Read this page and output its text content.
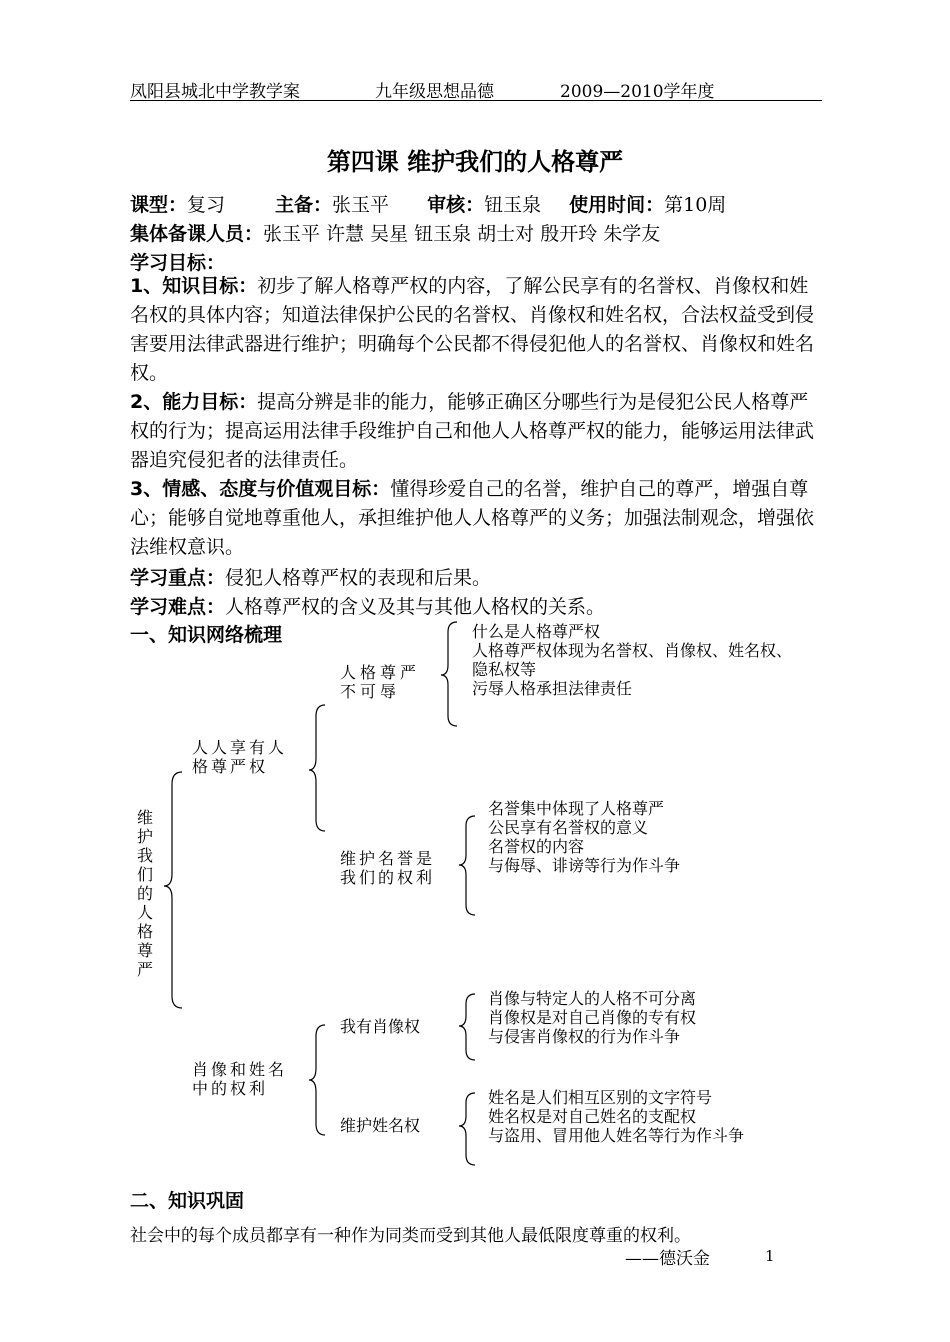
凤阳县城北中学教学案	九年级思想品德	2009—2010学年度
第四课 维护我们的人格尊严
课型：复习	主备：张玉平 审核：钮玉泉 使用时间：第10周
集体备课人员：张玉平 许慧 吴星 钮玉泉 胡士对 殷开玲 朱学友
学习目标：
1、知识目标：初步了解人格尊严权的内容，了解公民享有的名誉权、肖像权和姓名权的具体内容；知道法律保护公民的名誉权、肖像权和姓名权，合法权益受到侵害要用法律武器进行维护；明确每个公民都不得侵犯他人的名誉权、肖像权和姓名权。
2、能力目标：提高分辨是非的能力，能够正确区分哪些行为是侵犯公民人格尊严权的行为；提高运用法律手段维护自己和他人人格尊严权的能力，能够运用法律武器追究侵犯者的法律责任。
3、情感、态度与价值观目标：懂得珍爱自己的名誉，维护自己的尊严，增强自尊心；能够自觉地尊重他人，承担维护他人人格尊严的义务；加强法制观念，增强依法维权意识。
学习重点：侵犯人格尊严权的表现和后果。
学习难点：人格尊严权的含义及其与其他人格权的关系。
一、知识网络梳理
维护我们的人格尊严
人人享有人格尊严权
人格尊严不可辱
什么是人格尊严权
人格尊严权体现为名誉权、肖像权、姓名权、隐私权等
污辱人格承担法律责任
维护名誉是我们的权利
名誉集中体现了人格尊严
公民享有名誉权的意义
名誉权的内容
与侮辱、诽谤等行为作斗争
肖像和姓名中的权利
我有肖像权
肖像与特定人的人格不可分离
肖像权是对自己肖像的专有权
与侵害肖像权的行为作斗争
维护姓名权
姓名是人们相互区别的文字符号
姓名权是对自己姓名的支配权
与盗用、冒用他人姓名等行为作斗争
二、知识巩固
社会中的每个成员都享有一种作为同类而受到其他人最低限度尊重的权利。
——德沃金	1
